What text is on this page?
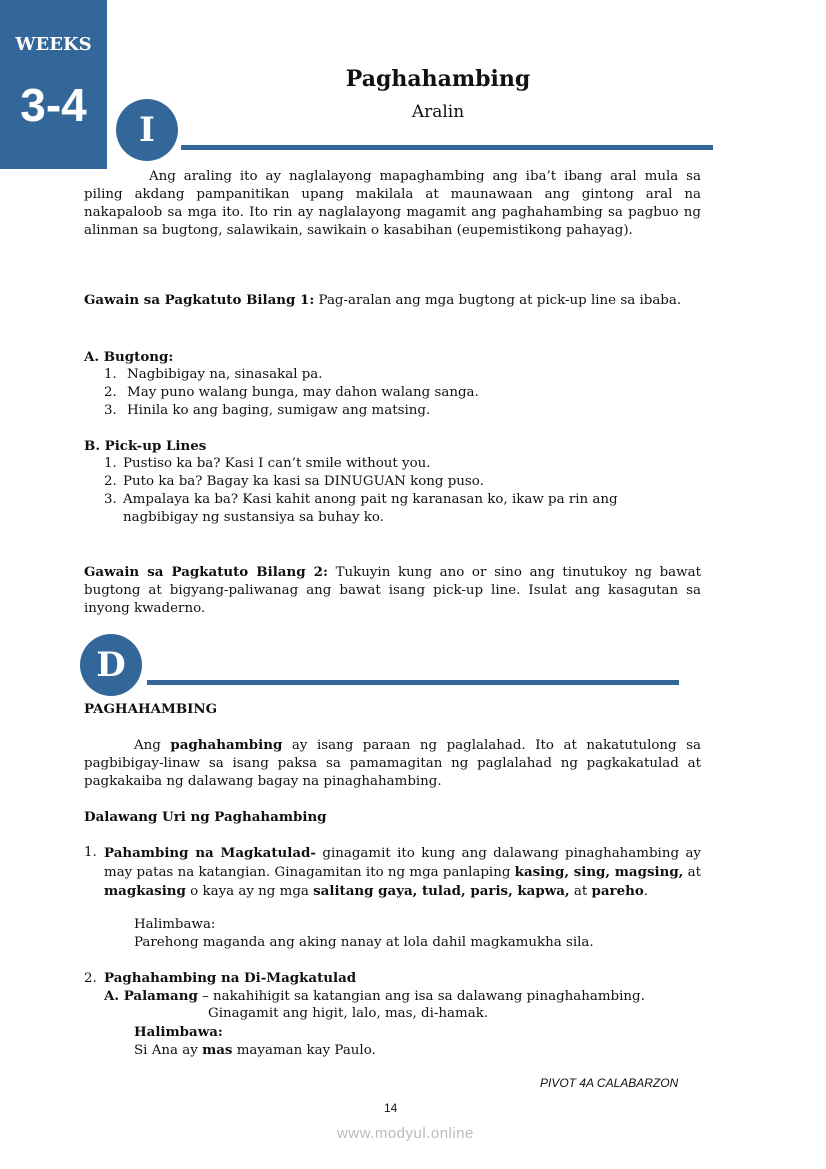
WEEKS
3-4	Paghahambing
Aralin
I
Ang araling ito ay naglalayong mapaghambing ang iba’t ibang aral mula sa piling akdang pampanitikan upang makilala at maunawaan ang gintong aral na nakapaloob sa mga ito. Ito rin ay naglalayong magamit ang paghahambing sa pagbuo ng alinman sa bugtong, salawikain, sawikain o kasabihan (eupemistikong pahayag).
Gawain sa Pagkatuto Bilang 1: Pag-aralan ang mga bugtong at pick-up line sa ibaba.
A. Bugtong:
1. Nagbibigay na, sinasakal pa.
2. May puno walang bunga, may dahon walang sanga.
3. Hinila ko ang baging, sumigaw ang matsing.
B. Pick-up Lines
1. Pustiso ka ba? Kasi I can’t smile without you.
2. Puto ka ba? Bagay ka kasi sa DINUGUAN kong puso.
3. Ampalaya ka ba? Kasi kahit anong pait ng karanasan ko, ikaw pa rin ang nagbibigay ng sustansiya sa buhay ko.
Gawain sa Pagkatuto Bilang 2: Tukuyin kung ano or sino ang tinutukoy ng bawat bugtong at bigyang-paliwanag ang bawat isang pick-up line. Isulat ang kasagutan sa inyong kwaderno.
D
PAGHAHAMBING
Ang paghahambing ay isang paraan ng paglalahad. Ito at nakatutulong sa pagbibigay-linaw sa isang paksa sa pamamagitan ng paglalahad ng pagkakatulad at pagkakaiba ng dalawang bagay na pinaghahambing.
Dalawang Uri ng Paghahambing
1. Pahambing na Magkatulad- ginagamit ito kung ang dalawang pinaghahambing ay may patas na katangian. Ginagamitan ito ng mga panlaping kasing, sing, magsing, at magkasing o kaya ay ng mga salitang gaya, tulad, paris, kapwa, at pareho.
Halimbawa:
Parehong maganda ang aking nanay at lola dahil magkamukha sila.
2. Paghahambing na Di-Magkatulad
A. Palamang – nakahihigit sa katangian ang isa sa dalawang pinaghahambing.
Ginagamit ang higit, lalo, mas, di-hamak.
Halimbawa:
Si Ana ay mas mayaman kay Paulo.
PIVOT 4A CALABARZON
14
www.modyul.online
